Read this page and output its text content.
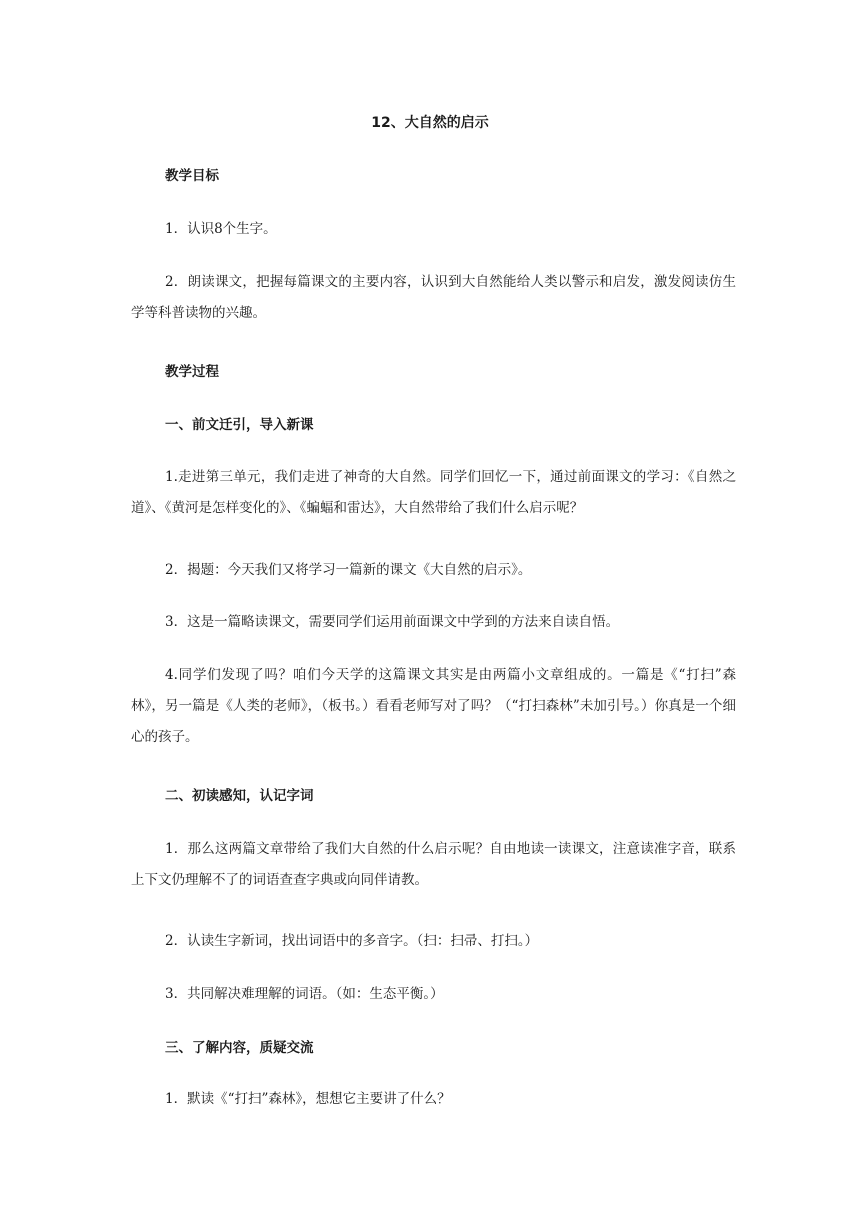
12、大自然的启示
教学目标

1．认识8个生字。

2．朗读课文，把握每篇课文的主要内容，认识到大自然能给人类以警示和启发，激发阅读仿生学等科普读物的兴趣。

教学过程
一、前文迁引，导入新课

1.走进第三单元，我们走进了神奇的大自然。同学们回忆一下，通过前面课文的学习：《自然之道》、《黄河是怎样变化的》、《蝙蝠和雷达》，大自然带给了我们什么启示呢？

2．揭题：今天我们又将学习一篇新的课文《大自然的启示》。

3．这是一篇略读课文，需要同学们运用前面课文中学到的方法来自读自悟。

4.同学们发现了吗？咱们今天学的这篇课文其实是由两篇小文章组成的。一篇是《“打扫”森林》，另一篇是《人类的老师》，（板书。）看看老师写对了吗？（“打扫森林”未加引号。）你真是一个细心的孩子。

二、初读感知，认记字词

1．那么这两篇文章带给了我们大自然的什么启示呢？自由地读一读课文，注意读准字音，联系上下文仍理解不了的词语查查字典或向同伴请教。

2．认读生字新词，找出词语中的多音字。（扫：扫帚、打扫。）

3．共同解决难理解的词语。（如：生态平衡。）

三、了解内容，质疑交流

1．默读《“打扫”森林》，想想它主要讲了什么？
